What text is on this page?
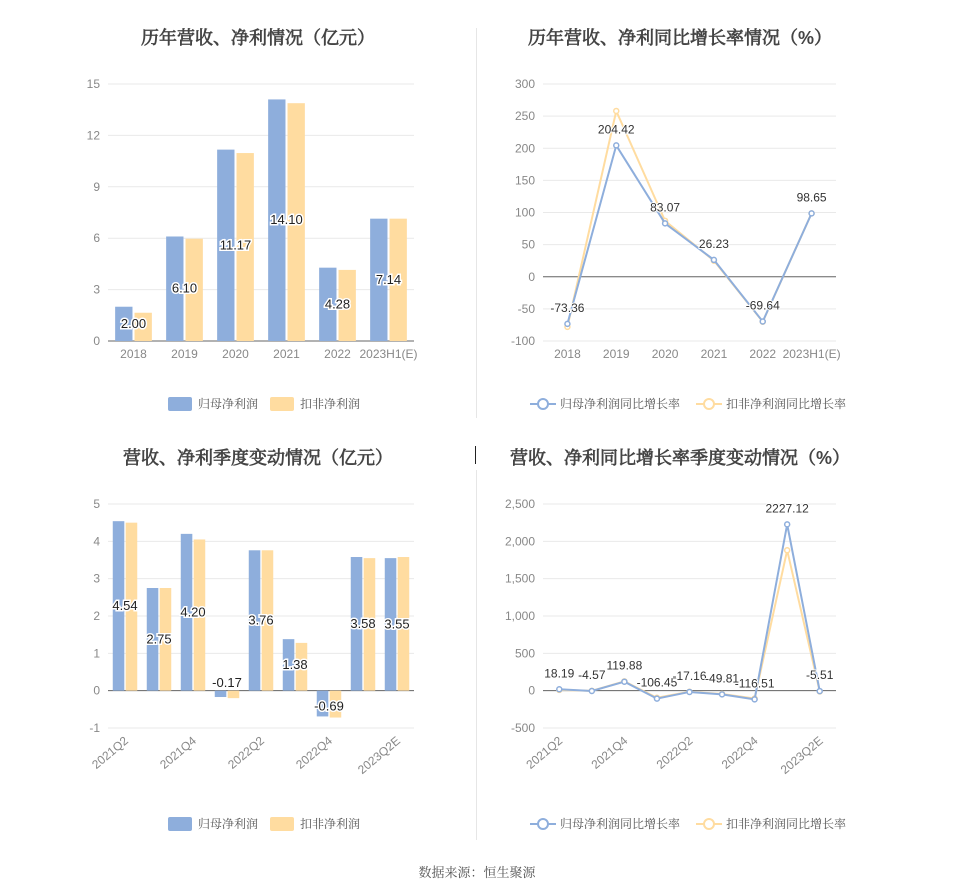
历年营收、净利情况（亿元）
0
3
6
9
12
15
2018 2019 2020 2021 2022 2023H1(E)
2.00
6.10
11.17
14.10
4.28
7.14
归母净利润	扣非净利润
历年营收、净利同比增长率情况（%）
-100
-50
0
50
100
150
200
250
300
2018 2019 2020 2021 2022 2023H1(E)
-73.36
204.42
83.07
26.23
-69.64
98.65
归母净利润同比增长率	扣非净利润同比增长率
营收、净利季度变动情况（亿元）
-1
0
1
2
3
4
5
2021Q2 2021Q4 2022Q2 2022Q4 2023Q2E
4.54
2.75
4.20
-0.17
3.76
1.38
-0.69
3.58 3.55
归母净利润	扣非净利润
营收、净利同比增长率季度变动情况（%）
-500
0
500
1,000
1,500
2,000
2,500
2021Q2 2021Q4 2022Q2 2022Q4 2023Q2E
18.19 -4.57
119.88
-106.45
-17.16
-49.81
-116.51
2227.12
-5.51
归母净利润同比增长率	扣非净利润同比增长率
数据来源：恒生聚源
